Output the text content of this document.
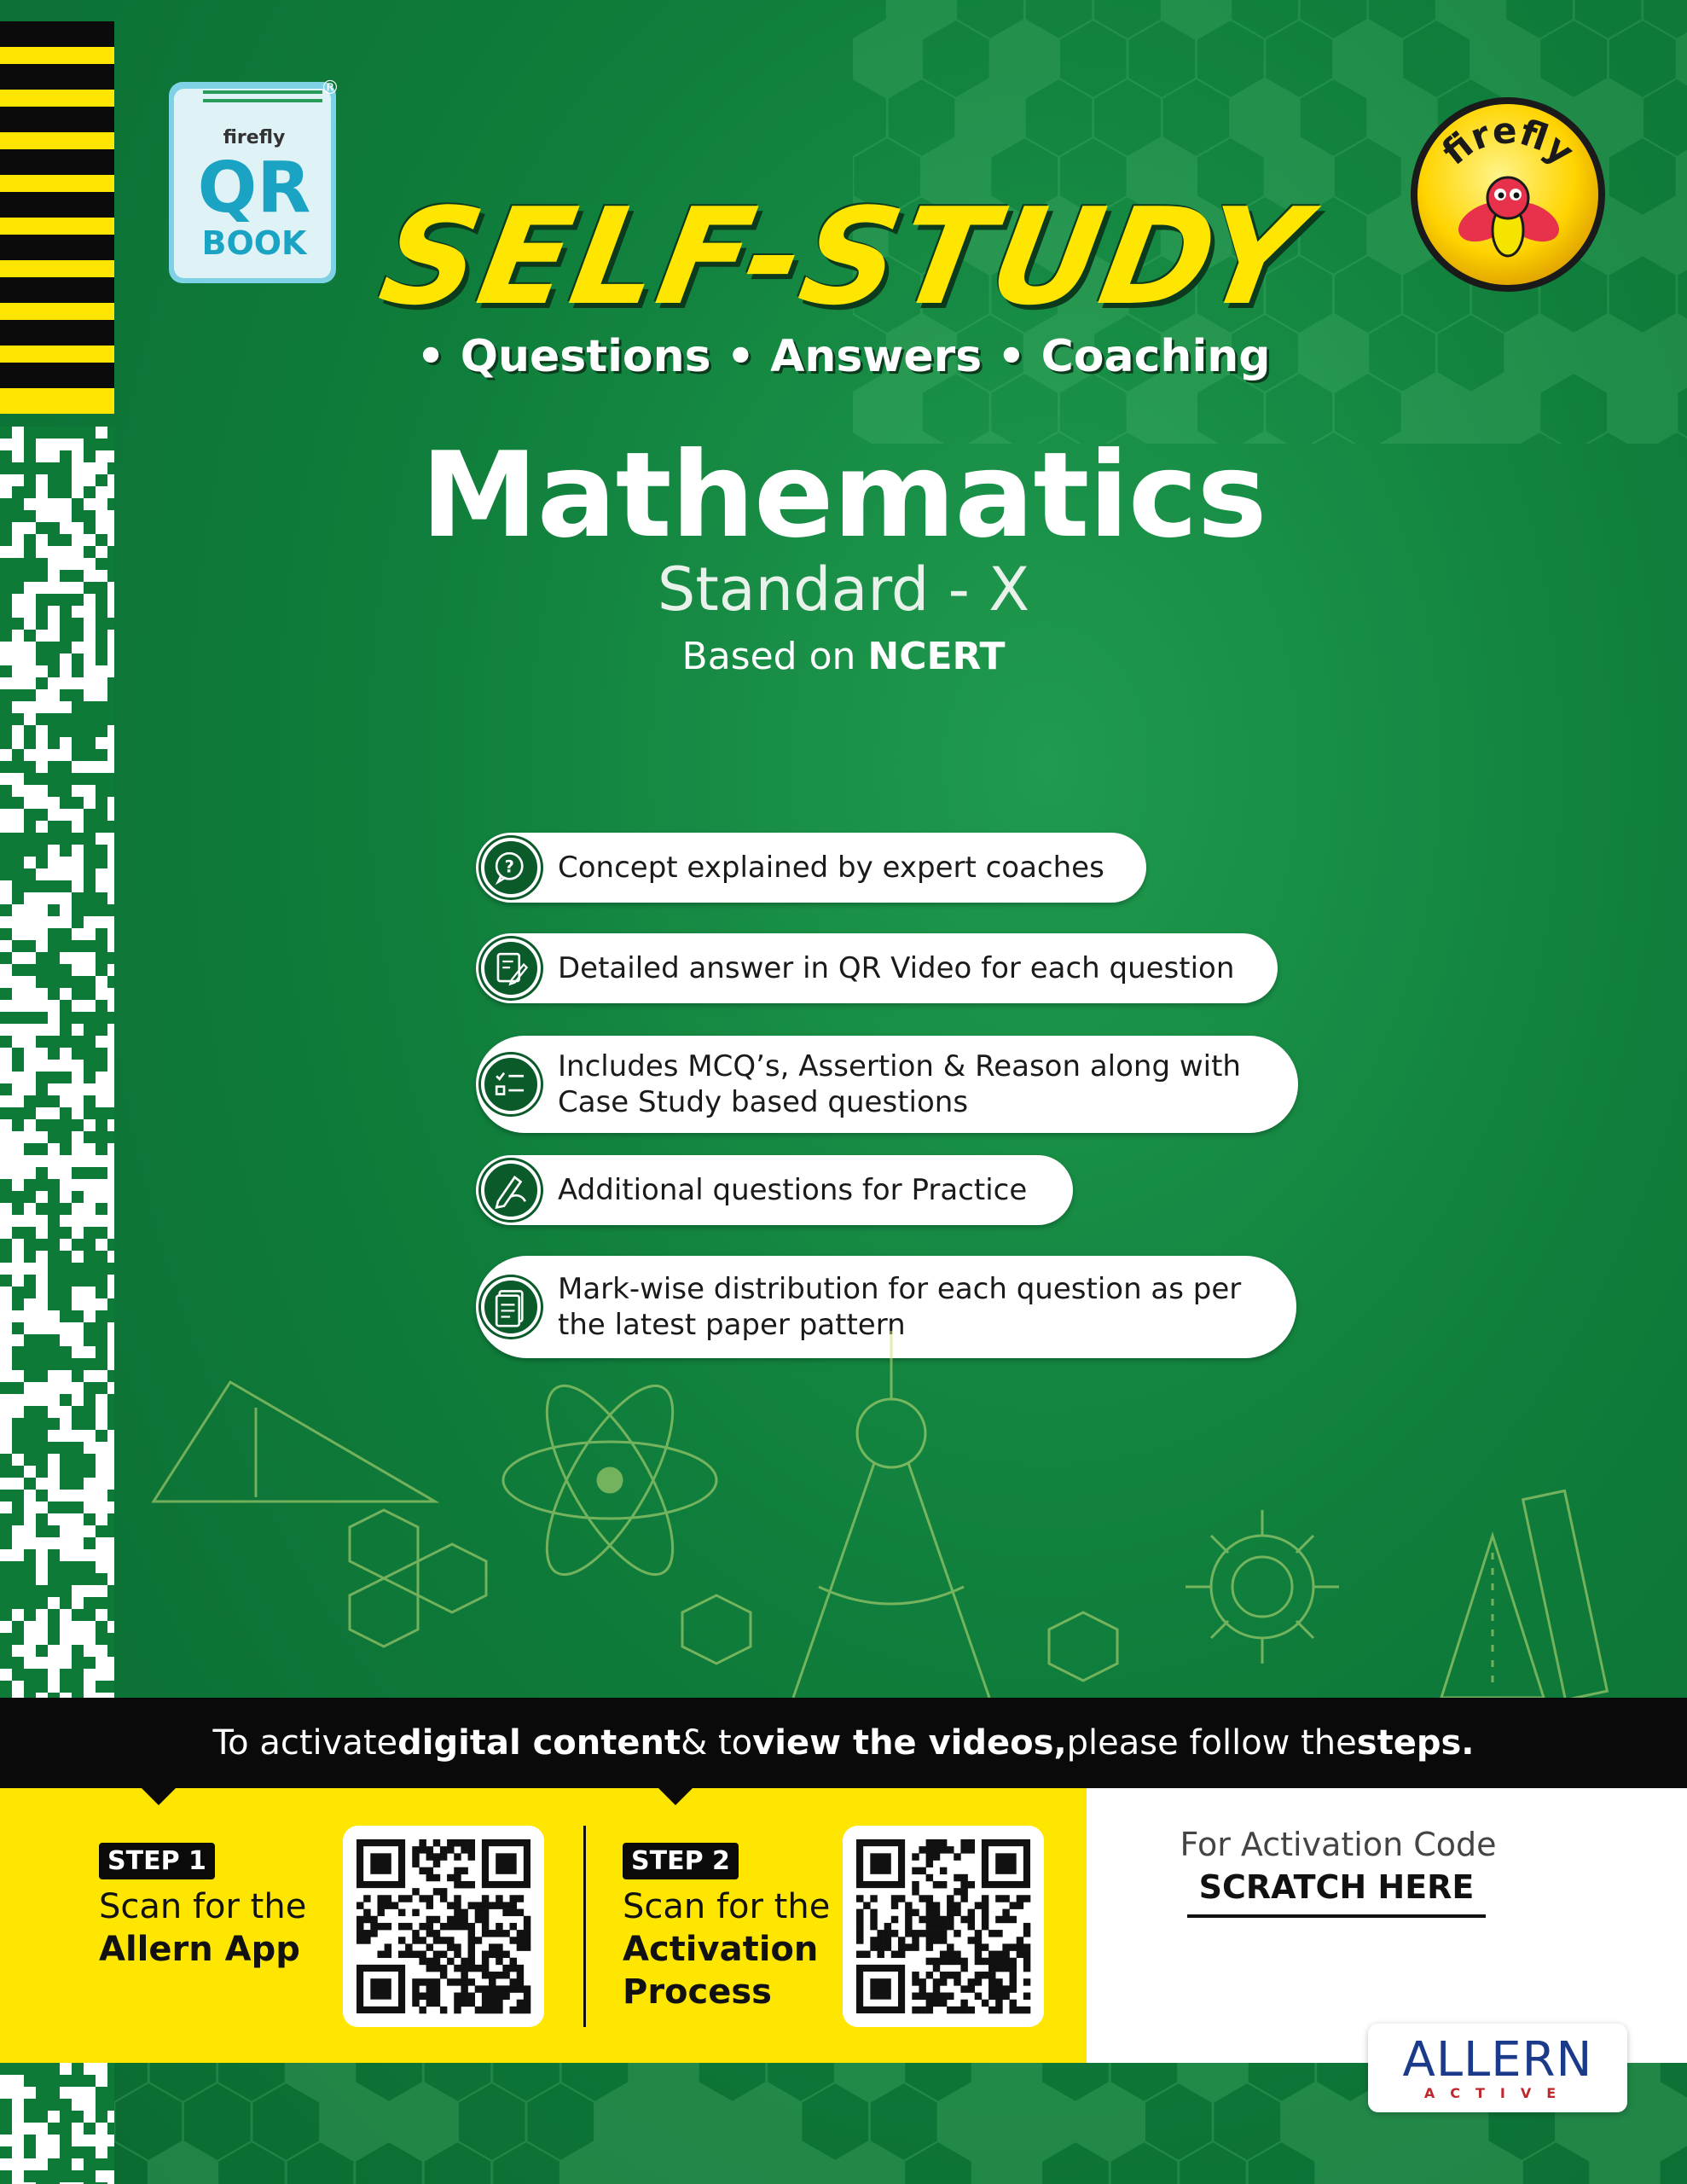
firefly
QR
BOOK
®
firefly
SELF-STUDY
• Questions • Answers • Coaching
Mathematics
Standard - X
Based on NCERT
? Concept explained by expert coaches
Detailed answer in QR Video for each question
Includes MCQ’s, Assertion & Reason along with Case Study based questions
Additional questions for Practice
Mark-wise distribution for each question as per the latest paper pattern
To activate digital content & to view the videos, please follow the steps.
STEP 1
Scan for the
Allern App
STEP 2
Scan for the
Activation
Process
For Activation Code
SCRATCH HERE
ALLERN
ACTIVE
